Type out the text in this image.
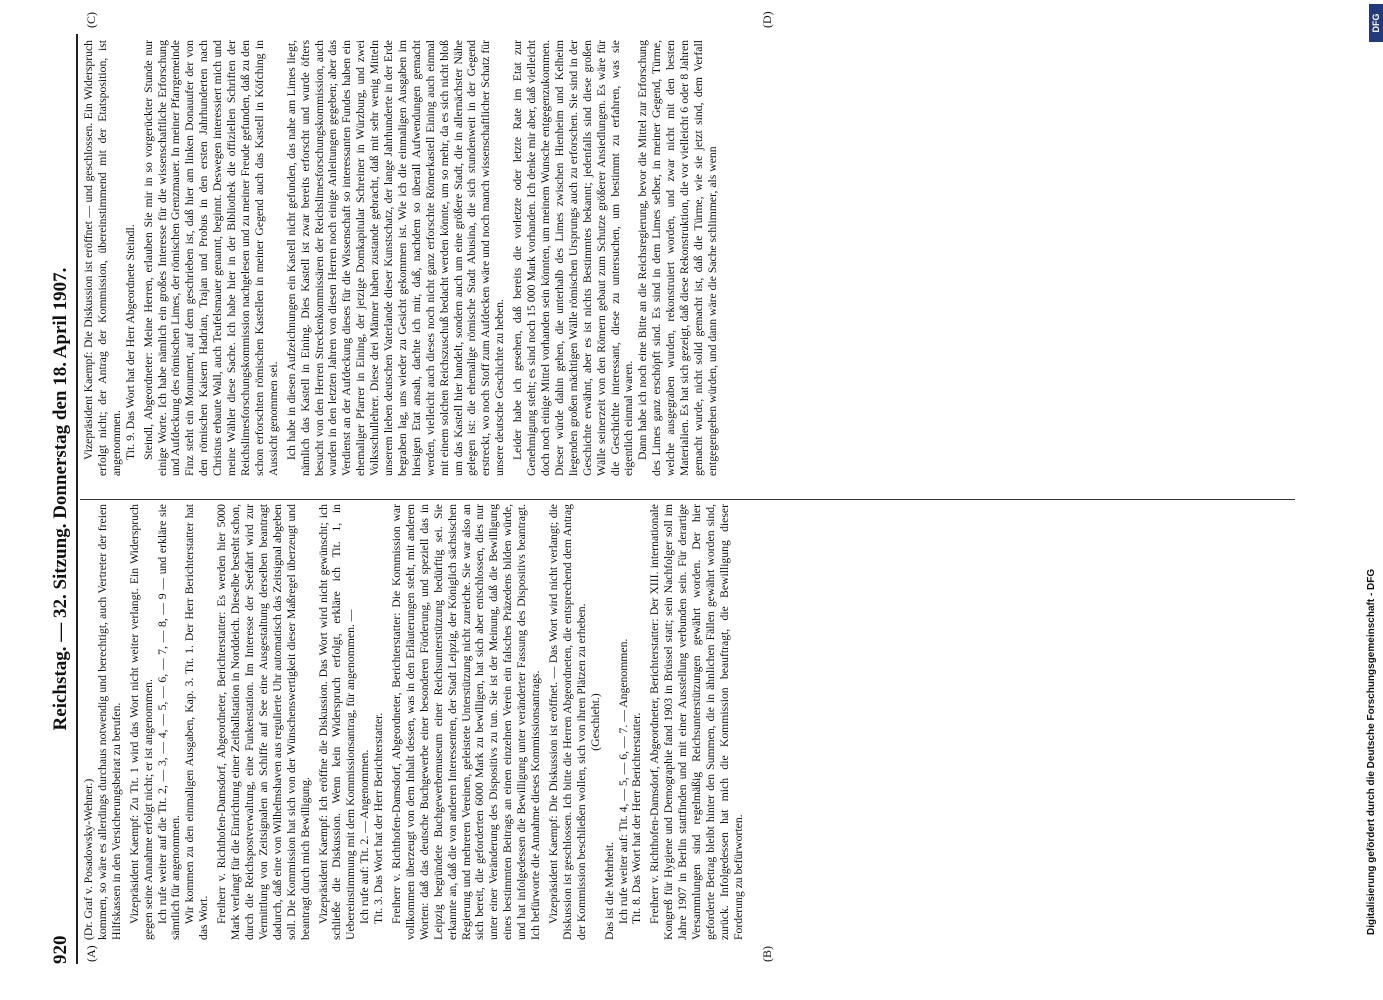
920
Reichstag. — 32. Sitzung. Donnerstag den 18. April 1907.
(A)	(B)
(C)	(D)

(Dr. Graf v. Posadowsky-Wehner.) kommen, so wäre es allerdings durchaus notwendig und berechtigt, auch Vertreter der freien Hilfskassen in den Versicherungsbeirat zu berufen. Vizepräsident Kaempf: Zu Tit. 1 wird das Wort nicht weiter verlangt. Ein Widerspruch gegen seine Annahme erfolgt nicht; er ist angenommen. Ich rufe weiter auf die Tit. 2, — 3, — 4, — 5, — 6, — 7, — 8, — 9 — und erkläre sie sämtlich für angenommen. Wir kommen zu den einmaligen Ausgaben, Kap. 3. Tit. 1. Der Herr Berichterstatter hat das Wort. Freiherr v. Richthofen-Damsdorf, Abgeordneter, Berichterstatter: Es werden hier 5000 Mark verlangt für die Einrichtung einer Zeitballstation in Norddeich. Dieselbe besteht schon, durch die Reichspostverwaltung, eine Funkenstation. Im Interesse der Seefahrt wird zur Vermittlung von Zeitsignalen an Schiffe auf See eine Ausgestaltung derselben beantragt dadurch, daß eine von Wilhelmshaven aus regulierte Uhr automatisch das Zeitsignal abgeben soll. Die Kommission hat sich von der Wünschenswertigkeit dieser Maßregel überzeugt und beantragt durch mich Bewilligung. Vizepräsident Kaempf: Ich eröffne die Diskussion. Das Wort wird nicht gewünscht; ich schließe die Diskussion. Wenn kein Widerspruch erfolgt, erkläre ich Tit. 1, in Uebereinstimmung mit dem Kommissionsantrag, für angenommen. — Ich rufe auf: Tit. 2. — Angenommen. Tit. 3. Das Wort hat der Herr Berichterstatter. Freiherr v. Richthofen-Damsdorf, Abgeordneter, Berichterstatter: Die Kommission war vollkommen überzeugt von dem Inhalt dessen, was in den Erläuterungen steht, mit anderen Worten: daß das deutsche Buchgewerbe einer besonderen Förderung, und speziell das in Leipzig begründete Buchgewerbemuseum einer Reichsunterstützung bedürftig sei. Sie erkannte an, daß die von anderen Interessenten, der Stadt Leipzig, der Königlich sächsischen Regierung und mehreren Vereinen, geleistete Unterstützung nicht zureiche. Sie war also an sich bereit, die geforderten 6000 Mark zu bewilligen, hat sich aber entschlossen, dies nur unter einer Veränderung des Dispositivs zu tun. Sie ist der Meinung, daß die Bewilligung eines bestimmten Beitrags an einen einzelnen Verein ein falsches Präzedens bilden würde, und hat infolgedessen die Bewilligung unter veränderter Fassung des Dispositivs beantragt. Ich befürworte die Annahme dieses Kommissionsantrags. Vizepräsident Kaempf: Die Diskussion ist eröffnet. — Das Wort wird nicht verlangt; die Diskussion ist geschlossen. Ich bitte die Herren Abgeordneten, die entsprechend dem Antrag der Kommission beschließen wollen, sich von ihren Plätzen zu erheben. (Geschieht.)

Das ist die Mehrheit. Ich rufe weiter auf: Tit. 4, — 5, — 6, — 7. — Angenommen. Tit. 8. Das Wort hat der Herr Berichterstatter. Freiherr v. Richthofen-Damsdorf, Abgeordneter, Berichterstatter: Der XIII. internationale Kongreß für Hygiene und Demographie fand 1903 in Brüssel statt; sein Nachfolger soll im Jahre 1907 in Berlin stattfinden und mit einer Ausstellung verbunden sein. Für derartige Versammlungen sind regelmäßig Reichsunterstützungen gewährt worden. Der hier geforderte Betrag bleibt hinter den Summen, die in ähnlichen Fällen gewährt worden sind, zurück. Infolgedessen hat mich die Kommission beauftragt, die Bewilligung dieser Forderung zu befürworten.

Vizepräsident Kaempf: Die Diskussion ist eröffnet — und geschlossen. Ein Widerspruch erfolgt nicht; der Antrag der Kommission, übereinstimmend mit der Etatsposition, ist angenommen. Tit. 9. Das Wort hat der Herr Abgeordnete Steindl. Steindl, Abgeordneter: Meine Herren, erlauben Sie mir in so vorgerückter Stunde nur einige Worte. Ich habe nämlich ein großes Interesse für die wissenschaftliche Erforschung und Aufdeckung des römischen Limes, der römischen Grenzmauer. In meiner Pfarrgemeinde Finz steht ein Monument, auf dem geschrieben ist, daß hier am linken Donauufer der von den römischen Kaisern Hadrian, Trajan und Probus in den ersten Jahrhunderten nach Christus erbaute Wall, auch Teufelsmauer genannt, beginnt. Deswegen interessiert mich und meine Wähler diese Sache. Ich habe hier in der Bibliothek die offiziellen Schriften der Reichslimesforschungskommission nachgelesen und zu meiner Freude gefunden, daß zu den schon erforschten römischen Kastellen in meiner Gegend auch das Kastell in Köfching in Aussicht genommen sei. Ich habe in diesen Aufzeichnungen ein Kastell nicht gefunden, das nahe am Limes liegt, nämlich das Kastell in Eining. Dies Kastell ist zwar bereits erforscht und wurde öfters besucht von den Herren Streckenkommissären der Reichslimesforschungskommission, auch wurden in den letzten Jahren von diesen Herren noch einige Anleitungen gegeben; aber das Verdienst an der Aufdeckung dieses für die Wissenschaft so interessanten Fundes haben ein ehemaliger Pfarrer in Eining, der jetzige Domkapitular Schreiner in Würzburg, und zwei Volksschullehrer. Diese drei Männer haben zustande gebracht, daß mit sehr wenig Mitteln unserem lieben deutschen Vaterlande dieser Kunstschatz, der lange Jahrhunderte in der Erde begraben lag, uns wieder zu Gesicht gekommen ist. Wie ich die einmaligen Ausgaben im hiesigen Etat ansah, dachte ich mir, daß, nachdem so überall Aufwendungen gemacht werden, vielleicht auch dieses noch nicht ganz erforschte Römerkastell Eining auch einmal mit einem solchen Reichszuschuß bedacht werden könnte, um so mehr, da es sich nicht bloß um das Kastell hier handelt, sondern auch um eine größere Stadt, die in allernächster Nähe gelegen ist: die ehemalige römische Stadt Abusina, die sich stundenweit in der Gegend erstreckt, wo noch Stoff zum Aufdecken wäre und noch manch wissenschaftlicher Schatz für unsere deutsche Geschichte zu heben. Leider habe ich gesehen, daß bereits die vorletzte oder letzte Rate im Etat zur Genehmigung steht; es sind noch 15 000 Mark vorhanden. Ich denke mir aber, daß vielleicht doch noch einige Mittel vorhanden sein könnten, um meinem Wunsche entgegenzukommen. Dieser würde dahin gehen, die unterhalb des Limes zwischen Hienheim und Kelheim liegenden großen mächtigen Wälle römischen Ursprungs auch zu erforschen. Sie sind in der Geschichte erwähnt, aber es ist nichts Bestimmtes bekannt; jedenfalls sind diese großen Wälle seinerzeit von den Römern gebaut zum Schutze größerer Ansiedlungen. Es wäre für die Geschichte interessant, diese zu untersuchen, um bestimmt zu erfahren, was sie eigentlich einmal waren. Dann habe ich noch eine Bitte an die Reichsregierung, bevor die Mittel zur Erforschung des Limes ganz erschöpft sind. Es sind in dem Limes selber, in meiner Gegend, Türme, welche ausgegraben wurden, rekonstruiert worden, und zwar nicht mit den besten Materialien. Es hat sich gezeigt, daß diese Rekonstruktion, die vor vielleicht 6 oder 8 Jahren gemacht wurde, nicht solid gemacht ist, daß die Türme, wie sie jetzt sind, dem Verfall entgegengehen würden, und dann wäre die Sache schlimmer, als wenn

Digitalisierung gefördert durch die Deutsche Forschungsgemeinschaft - DFG
DFG
